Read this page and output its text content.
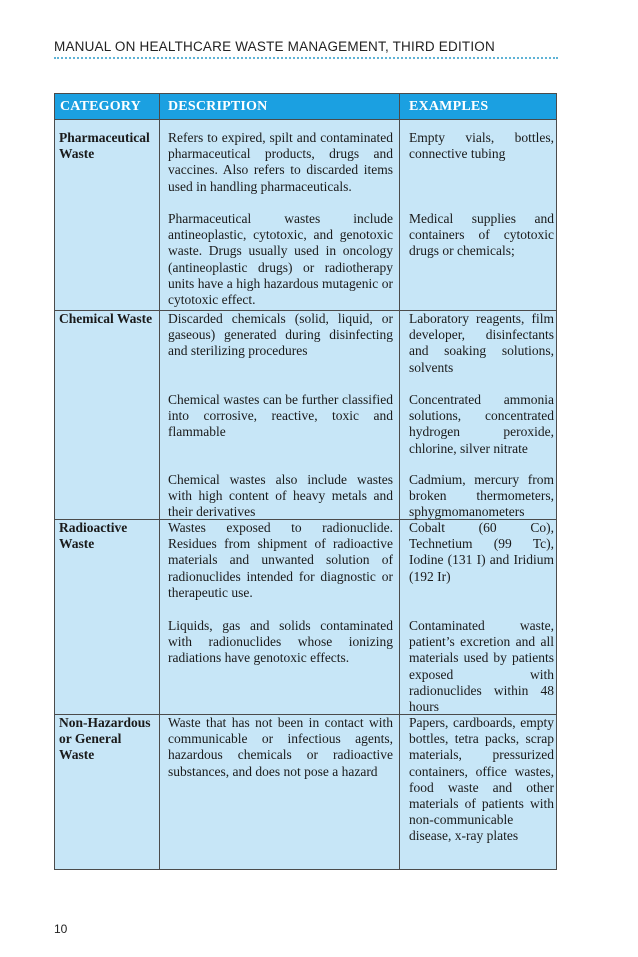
MANUAL ON HEALTHCARE WASTE MANAGEMENT, THIRD EDITION
CATEGORY DESCRIPTION	EXAMPLES
Pharmaceutical Waste
Refers to expired, spilt and contaminated pharmaceutical products, drugs and vaccines. Also refers to discarded items used in handling pharmaceuticals.
Empty vials, bottles, connective tubing
Pharmaceutical wastes include antineoplastic, cytotoxic, and genotoxic waste. Drugs usually used in oncology (antineoplastic drugs) or radiotherapy units have a high hazardous mutagenic or cytotoxic effect.
Medical supplies and containers of cytotoxic drugs or chemicals;
Chemical Waste	Discarded chemicals (solid, liquid, or gaseous) generated during disinfecting and sterilizing procedures
Laboratory reagents, film developer, disinfectants and soaking solutions, solvents
Chemical wastes can be further classified into corrosive, reactive, toxic and flammable
Concentrated ammonia solutions, concentrated hydrogen peroxide, chlorine, silver nitrate
Chemical wastes also include wastes with high content of heavy metals and their derivatives
Cadmium, mercury from broken thermometers, sphygmomanometers
Radioactive Waste
Wastes exposed to radionuclide. Residues from shipment of radioactive materials and unwanted solution of radionuclides intended for diagnostic or therapeutic use.
Cobalt (60 Co), Technetium (99 Tc), Iodine (131 I) and Iridium (192 Ir)
Liquids, gas and solids contaminated with radionuclides whose ionizing radiations have genotoxic effects.
Contaminated waste, patient’s excretion and all materials used by patients exposed with radionuclides within 48 hours
Non-Hazardous or General Waste
Waste that has not been in contact with communicable or infectious agents, hazardous chemicals or radioactive substances, and does not pose a hazard
Papers, cardboards, empty bottles, tetra packs, scrap materials, pressurized containers, office wastes, food waste and other materials of patients with non-communicable disease, x-ray plates
10
